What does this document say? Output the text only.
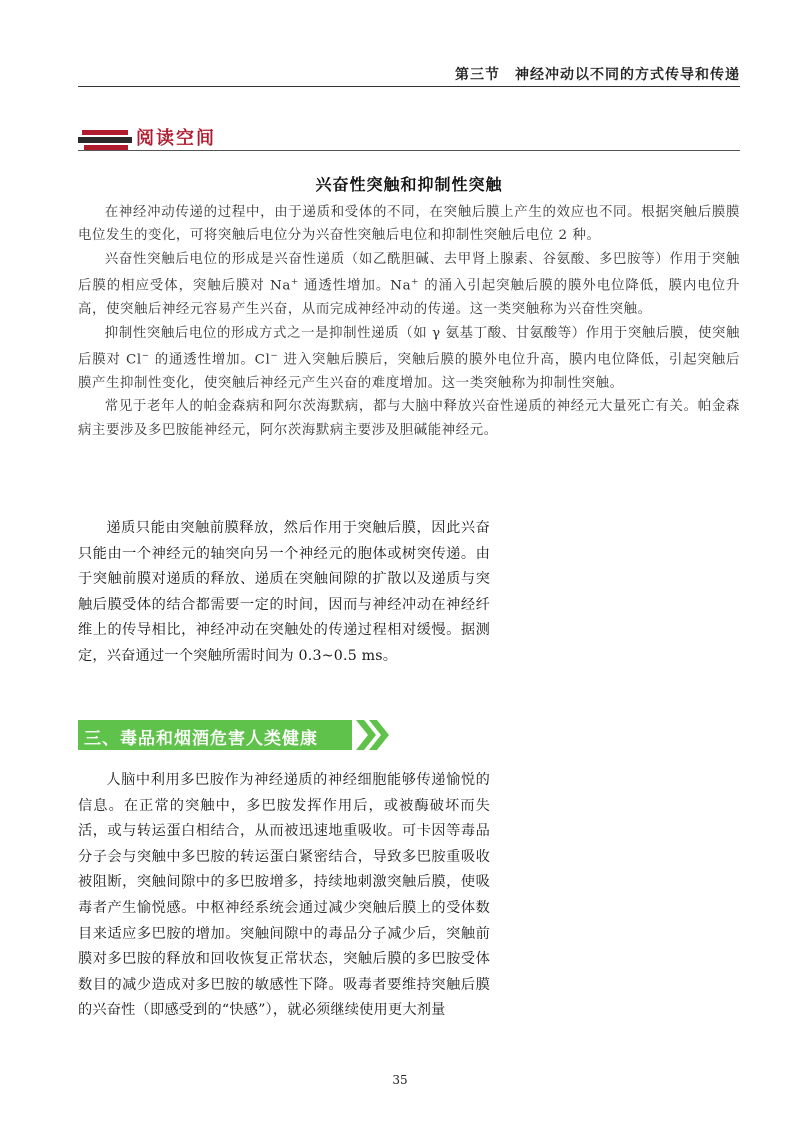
第三节　神经冲动以不同的方式传导和传递
阅读空间
兴奋性突触和抑制性突触

在神经冲动传递的过程中，由于递质和受体的不同，在突触后膜上产生的效应也不同。根据突触后膜膜电位发生的变化，可将突触后电位分为兴奋性突触后电位和抑制性突触后电位 2 种。

兴奋性突触后电位的形成是兴奋性递质（如乙酰胆碱、去甲肾上腺素、谷氨酸、多巴胺等）作用于突触后膜的相应受体，突触后膜对 Na+ 通透性增加。Na+ 的涌入引起突触后膜的膜外电位降低，膜内电位升高，使突触后神经元容易产生兴奋，从而完成神经冲动的传递。这一类突触称为兴奋性突触。

抑制性突触后电位的形成方式之一是抑制性递质（如 γ 氨基丁酸、甘氨酸等）作用于突触后膜，使突触后膜对 Cl− 的通透性增加。Cl− 进入突触后膜后，突触后膜的膜外电位升高，膜内电位降低，引起突触后膜产生抑制性变化，使突触后神经元产生兴奋的难度增加。这一类突触称为抑制性突触。

常见于老年人的帕金森病和阿尔茨海默病，都与大脑中释放兴奋性递质的神经元大量死亡有关。帕金森病主要涉及多巴胺能神经元，阿尔茨海默病主要涉及胆碱能神经元。

递质只能由突触前膜释放，然后作用于突触后膜，因此兴奋只能由一个神经元的轴突向另一个神经元的胞体或树突传递。由于突触前膜对递质的释放、递质在突触间隙的扩散以及递质与突触后膜受体的结合都需要一定的时间，因而与神经冲动在神经纤维上的传导相比，神经冲动在突触处的传递过程相对缓慢。据测定，兴奋通过一个突触所需时间为 0.3~0.5 ms。

三、毒品和烟酒危害人类健康

人脑中利用多巴胺作为神经递质的神经细胞能够传递愉悦的信息。在正常的突触中，多巴胺发挥作用后，或被酶破坏而失活，或与转运蛋白相结合，从而被迅速地重吸收。可卡因等毒品分子会与突触中多巴胺的转运蛋白紧密结合，导致多巴胺重吸收被阻断，突触间隙中的多巴胺增多，持续地刺激突触后膜，使吸毒者产生愉悦感。中枢神经系统会通过减少突触后膜上的受体数目来适应多巴胺的增加。突触间隙中的毒品分子减少后，突触前膜对多巴胺的释放和回收恢复正常状态，突触后膜的多巴胺受体数目的减少造成对多巴胺的敏感性下降。吸毒者要维持突触后膜的兴奋性（即感受到的“快感”），就必须继续使用更大剂量

35
